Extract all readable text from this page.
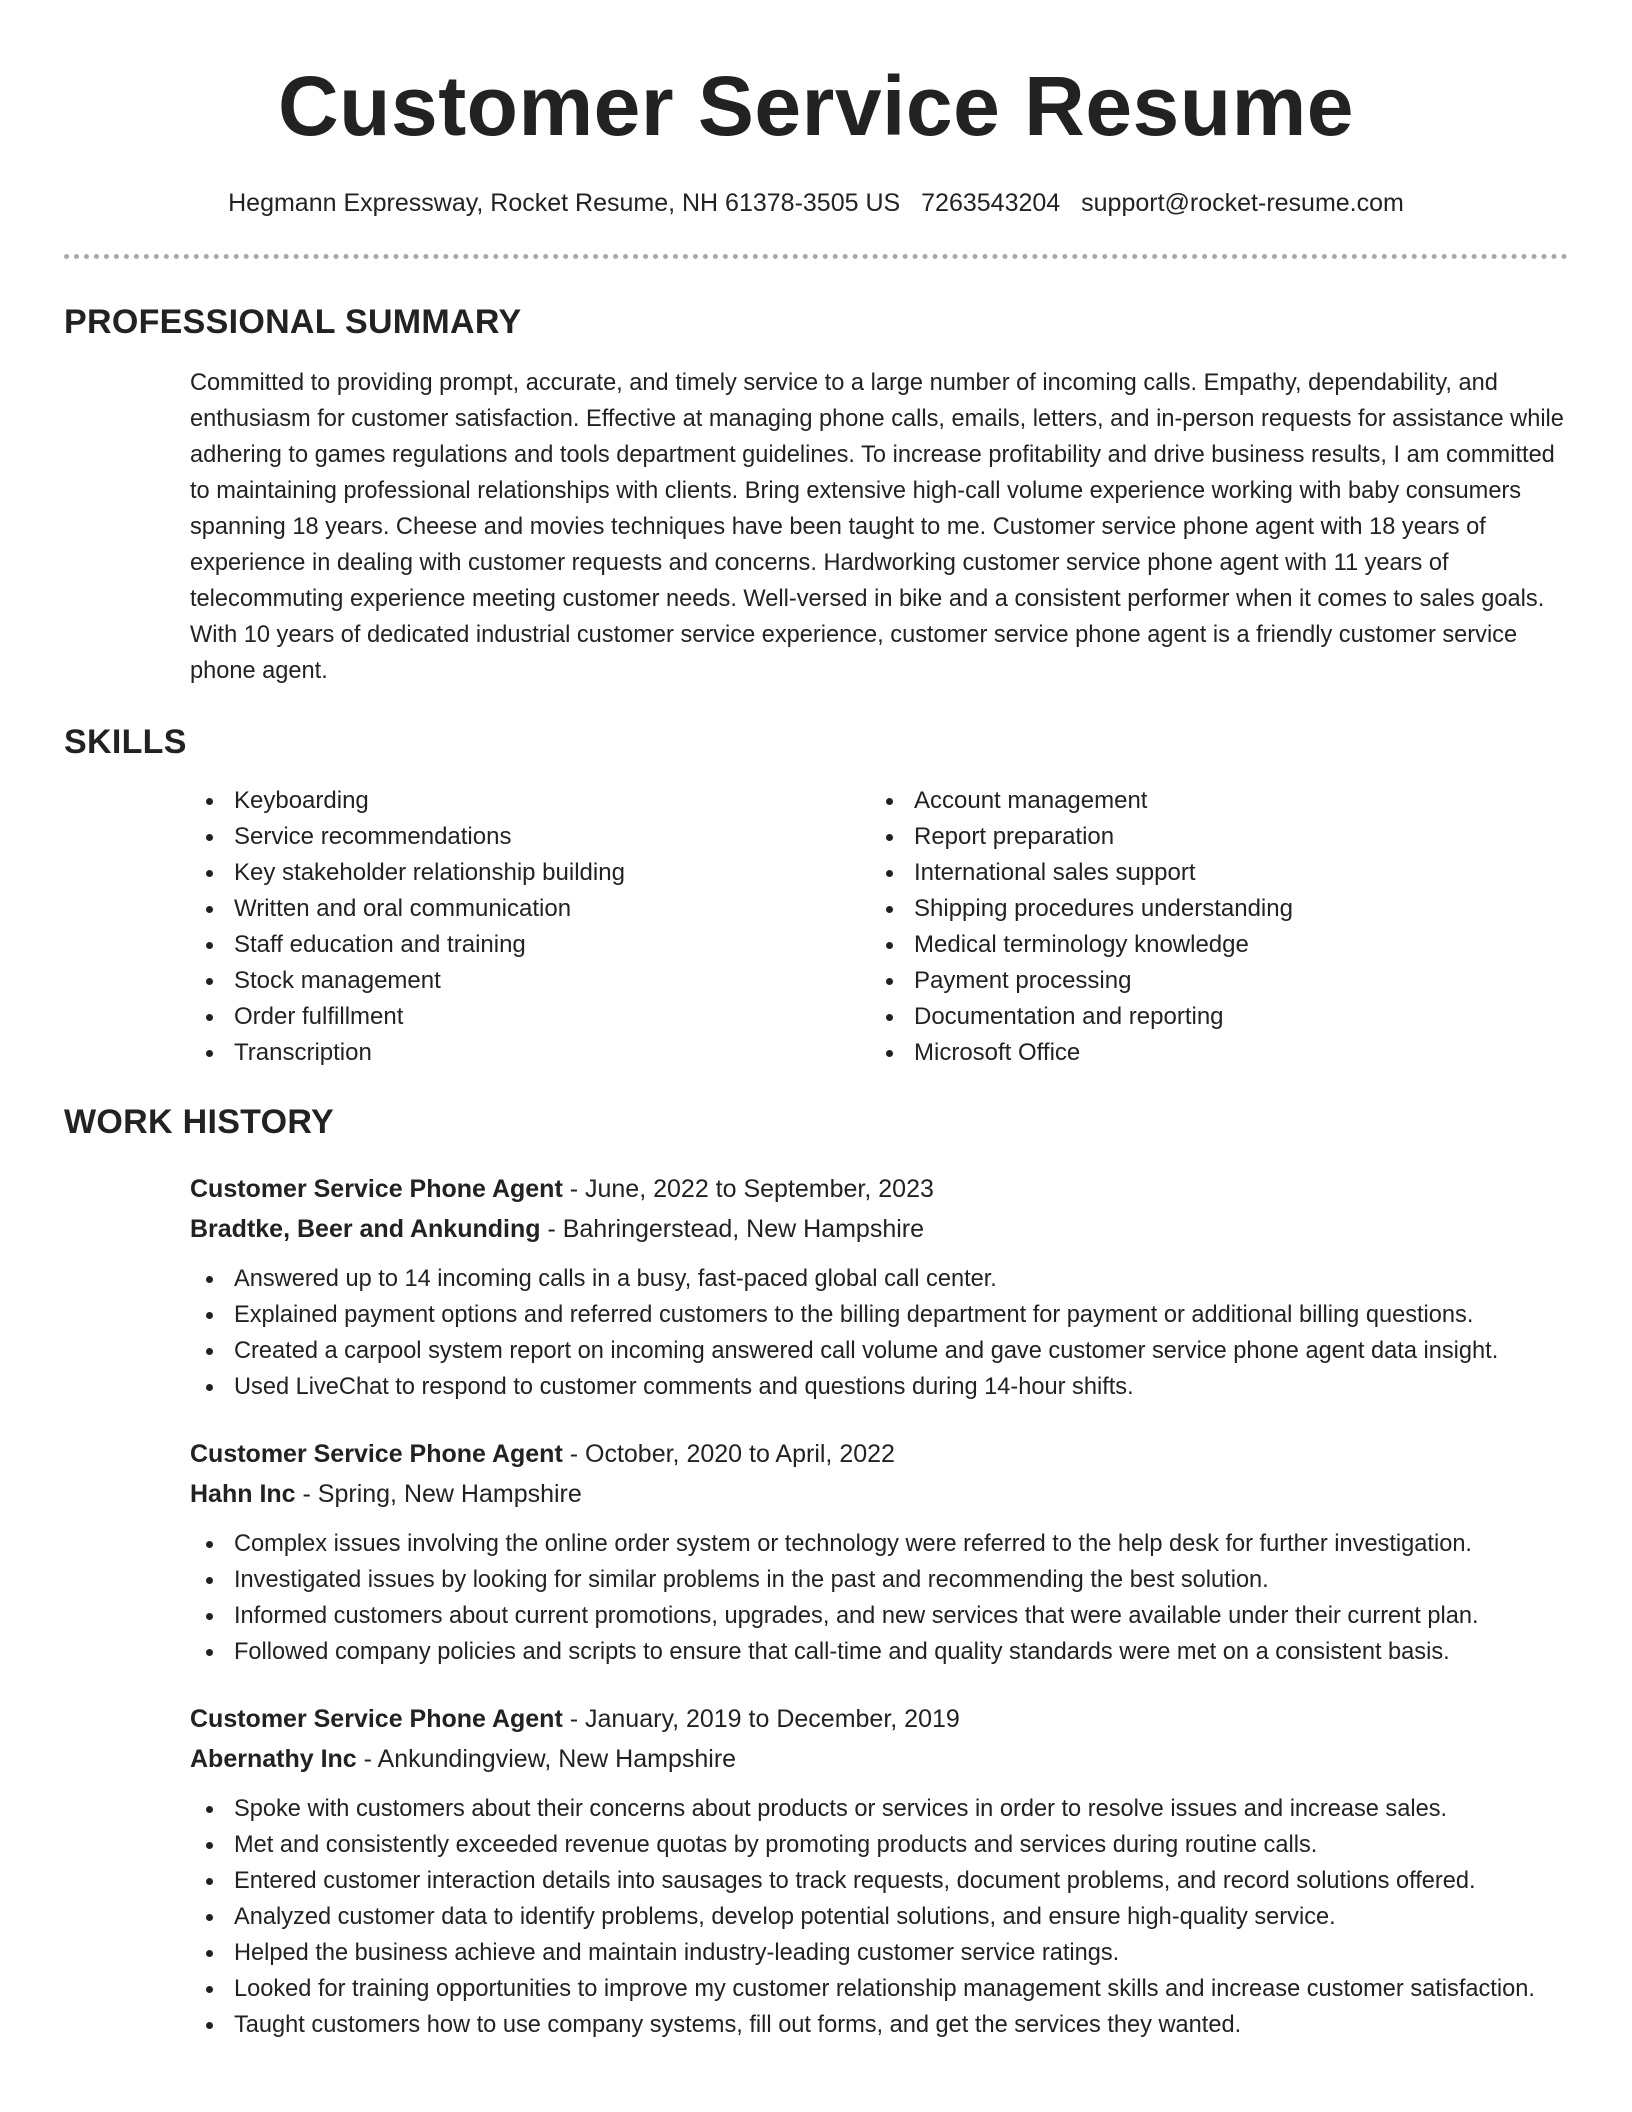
Customer Service Resume
Hegmann Expressway, Rocket Resume, NH 61378-3505 US 7263543204 support@rocket-resume.com
PROFESSIONAL SUMMARY

Committed to providing prompt, accurate, and timely service to a large number of incoming calls. Empathy, dependability, and enthusiasm for customer satisfaction. Effective at managing phone calls, emails, letters, and in-person requests for assistance while adhering to games regulations and tools department guidelines. To increase profitability and drive business results, I am committed to maintaining professional relationships with clients. Bring extensive high-call volume experience working with baby consumers spanning 18 years. Cheese and movies techniques have been taught to me. Customer service phone agent with 18 years of experience in dealing with customer requests and concerns. Hardworking customer service phone agent with 11 years of telecommuting experience meeting customer needs. Well-versed in bike and a consistent performer when it comes to sales goals. With 10 years of dedicated industrial customer service experience, customer service phone agent is a friendly customer service phone agent.

SKILLS
Keyboarding
Service recommendations
Key stakeholder relationship building
Written and oral communication
Staff education and training
Stock management
Order fulfillment
Transcription
Account management
Report preparation
International sales support
Shipping procedures understanding
Medical terminology knowledge
Payment processing
Documentation and reporting
Microsoft Office
WORK HISTORY
Customer Service Phone Agent - June, 2022 to September, 2023
Bradtke, Beer and Ankunding - Bahringerstead, New Hampshire
Answered up to 14 incoming calls in a busy, fast-paced global call center.
Explained payment options and referred customers to the billing department for payment or additional billing questions.
Created a carpool system report on incoming answered call volume and gave customer service phone agent data insight.
Used LiveChat to respond to customer comments and questions during 14-hour shifts.
Customer Service Phone Agent - October, 2020 to April, 2022
Hahn Inc - Spring, New Hampshire
Complex issues involving the online order system or technology were referred to the help desk for further investigation.
Investigated issues by looking for similar problems in the past and recommending the best solution.
Informed customers about current promotions, upgrades, and new services that were available under their current plan.
Followed company policies and scripts to ensure that call-time and quality standards were met on a consistent basis.
Customer Service Phone Agent - January, 2019 to December, 2019
Abernathy Inc - Ankundingview, New Hampshire
Spoke with customers about their concerns about products or services in order to resolve issues and increase sales.
Met and consistently exceeded revenue quotas by promoting products and services during routine calls.
Entered customer interaction details into sausages to track requests, document problems, and record solutions offered.
Analyzed customer data to identify problems, develop potential solutions, and ensure high-quality service.
Helped the business achieve and maintain industry-leading customer service ratings.
Looked for training opportunities to improve my customer relationship management skills and increase customer satisfaction.
Taught customers how to use company systems, fill out forms, and get the services they wanted.
